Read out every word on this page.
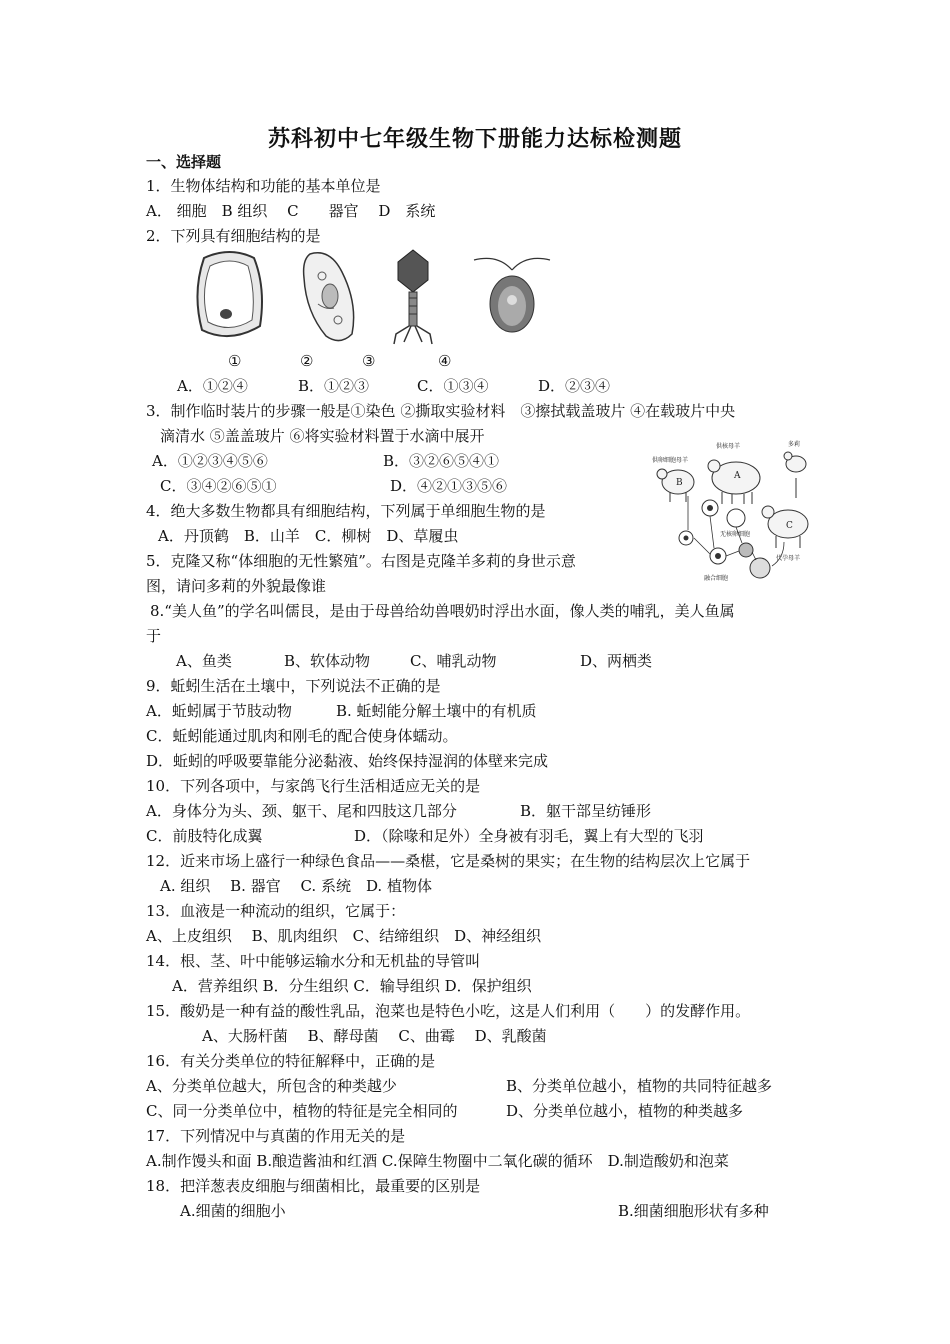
苏科初中七年级生物下册能力达标检测题
一、选择题
1．生物体结构和功能的基本单位是
A． 细胞　B 组织　 C　　器官　 D　系统
2．下列具有细胞结构的是
①	②	③	④
A．①②④	B．①②③	C．①③④	D．②③④
3．制作临时装片的步骤一般是①染色 ②撕取实验材料　③擦拭载盖玻片 ④在载玻片中央
滴清水 ⑤盖盖玻片 ⑥将实验材料置于水滴中展开
A．①②③④⑤⑥	B．③②⑥⑤④①
C．③④②⑥⑤①	D．④②①③⑤⑥
A
供核母羊
B
供卵细胞母羊
多莉
C
代孕母羊
无核卵细胞
融合细胞
4．绝大多数生物都具有细胞结构，下列属于单细胞生物的是
A．丹顶鹤　B．山羊　C．柳树　D、草履虫
5．克隆又称“体细胞的无性繁殖”。右图是克隆羊多莉的身世示意
图，请问多莉的外貌最像谁
8.“美人鱼”的学名叫儒艮，是由于母兽给幼兽喂奶时浮出水面，像人类的哺乳，美人鱼属
于
A、鱼类	B、软体动物	C、哺乳动物	D、两栖类
9．蚯蚓生活在土壤中，下列说法不正确的是
A．蚯蚓属于节肢动物	B. 蚯蚓能分解土壤中的有机质
C．蚯蚓能通过肌肉和刚毛的配合使身体蠕动。
D．蚯蚓的呼吸要靠能分泌黏液、始终保持湿润的体壁来完成
10．下列各项中，与家鸽飞行生活相适应无关的是
A．身体分为头、颈、躯干、尾和四肢这几部分	B．躯干部呈纺锤形
C．前肢特化成翼	D．（除喙和足外）全身被有羽毛，翼上有大型的飞羽
12．近来市场上盛行一种绿色食品——桑椹，它是桑树的果实；在生物的结构层次上它属于
A. 组织　 B. 器官　 C. 系统　D. 植物体
13．血液是一种流动的组织，它属于：
A、上皮组织　 B、肌肉组织　C、结缔组织　D、神经组织
14．根、茎、叶中能够运输水分和无机盐的导管叫
A．营养组织 B．分生组织 C．输导组织 D．保护组织
15．酸奶是一种有益的酸性乳品，泡菜也是特色小吃，这是人们利用（　　）的发酵作用。
A、大肠杆菌　 B、酵母菌　 C、曲霉　 D、乳酸菌
16．有关分类单位的特征解释中，正确的是
A、分类单位越大，所包含的种类越少	B、分类单位越小，植物的共同特征越多
C、同一分类单位中，植物的特征是完全相同的	D、分类单位越小，植物的种类越多
17．下列情况中与真菌的作用无关的是
A.制作馒头和面 B.酿造酱油和红酒 C.保障生物圈中二氧化碳的循环　D.制造酸奶和泡菜
18．把洋葱表皮细胞与细菌相比，最重要的区别是
A.细菌的细胞小	B.细菌细胞形状有多种
